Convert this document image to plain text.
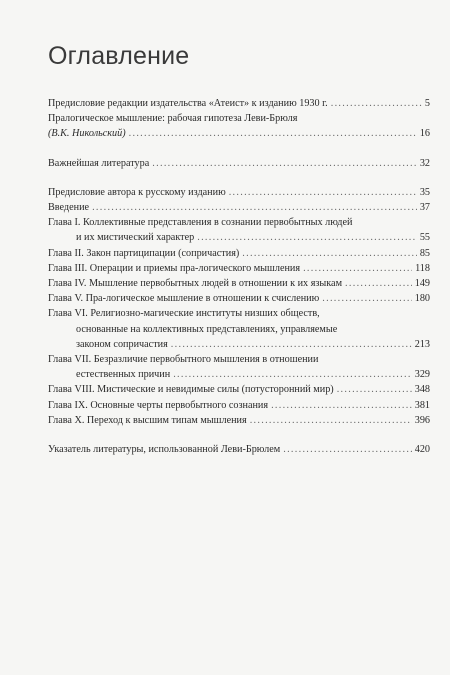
Оглавление
Предисловие редакции издательства «Атеист» к изданию 1930 г. .....	5
Пралогическое мышление: рабочая гипотеза Леви-Брюля
(В.К. Никольский) .....	16
Важнейшая литература .....	32
Предисловие автора к русскому изданию .....	35
Введение .....	37
Глава I. Коллективные представления в сознании первобытных людей
и их мистический характер .....	55
Глава II. Закон партиципации (сопричастия) .....	85
Глава III. Операции и приемы пра-логического мышления .....	118
Глава IV. Мышление первобытных людей в отношении к их языкам .....	149
Глава V. Пра-логическое мышление в отношении к счислению .....	180
Глава VI. Религиозно-магические институты низших обществ,
основанные на коллективных представлениях, управляемые
законом сопричастия .....	213
Глава VII. Безразличие первобытного мышления в отношении
естественных причин .....	329
Глава VIII. Мистические и невидимые силы (потусторонний мир) .....	348
Глава IX. Основные черты первобытного сознания .....	381
Глава X. Переход к высшим типам мышления .....	396
Указатель литературы, использованной Леви-Брюлем .....	420
